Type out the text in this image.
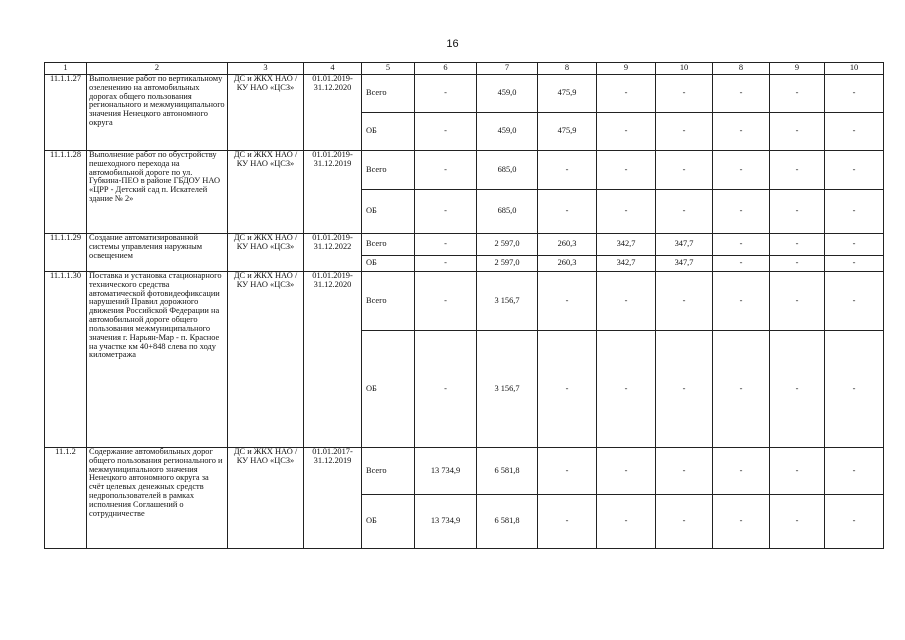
16
1	2	3	4	5	6	7	8	9	10	8	9	10
11.1.1.27	Выполнение работ по вертикальному озеленению на автомобильных дорогах общего пользования регионального и межмуниципального значения Ненецкого автономного округа	ДС и ЖКХ НАО / КУ НАО «ЦСЗ»	01.01.2019-31.12.2020	Всего	-	459,0	475,9	-	-	-	-	-
				ОБ	-	459,0	475,9	-	-	-	-	-
11.1.1.28	Выполнение работ по обустройству пешеходного перехода на автомобильной дороге по ул. Губкина-ПЕО в районе ГБДОУ НАО «ЦРР - Детский сад п. Искателей здание № 2»	ДС и ЖКХ НАО / КУ НАО «ЦСЗ»	01.01.2019-31.12.2019	Всего	-	685,0	-	-	-	-	-	-
				ОБ	-	685,0	-	-	-	-	-	-
11.1.1.29	Создание автоматизированной системы управления наружным освещением	ДС и ЖКХ НАО / КУ НАО «ЦСЗ»	01.01.2019-31.12.2022	Всего	-	2 597,0	260,3	342,7	347,7	-	-	-
				ОБ	-	2 597,0	260,3	342,7	347,7	-	-	-
11.1.1.30	Поставка и установка стационарного технического средства автоматической фотовидеофиксации нарушений Правил дорожного движения Российской Федерации на автомобильной дороге общего пользования межмуниципального значения г. Нарьян-Мар - п. Красное на участке км 40+848 слева по ходу километража	ДС и ЖКХ НАО / КУ НАО «ЦСЗ»	01.01.2019-31.12.2020	Всего	-	3 156,7	-	-	-	-	-	-
				ОБ	-	3 156,7	-	-	-	-	-	-
11.1.2	Содержание автомобильных дорог общего пользования регионального и межмуниципального значения Ненецкого автономного округа за счёт целевых денежных средств недропользователей в рамках исполнения Соглашений о сотрудничестве	ДС и ЖКХ НАО / КУ НАО «ЦСЗ»	01.01.2017-31.12.2019	Всего	13 734,9	6 581,8	-	-	-	-	-	-
				ОБ	13 734,9	6 581,8	-	-	-	-	-	-
